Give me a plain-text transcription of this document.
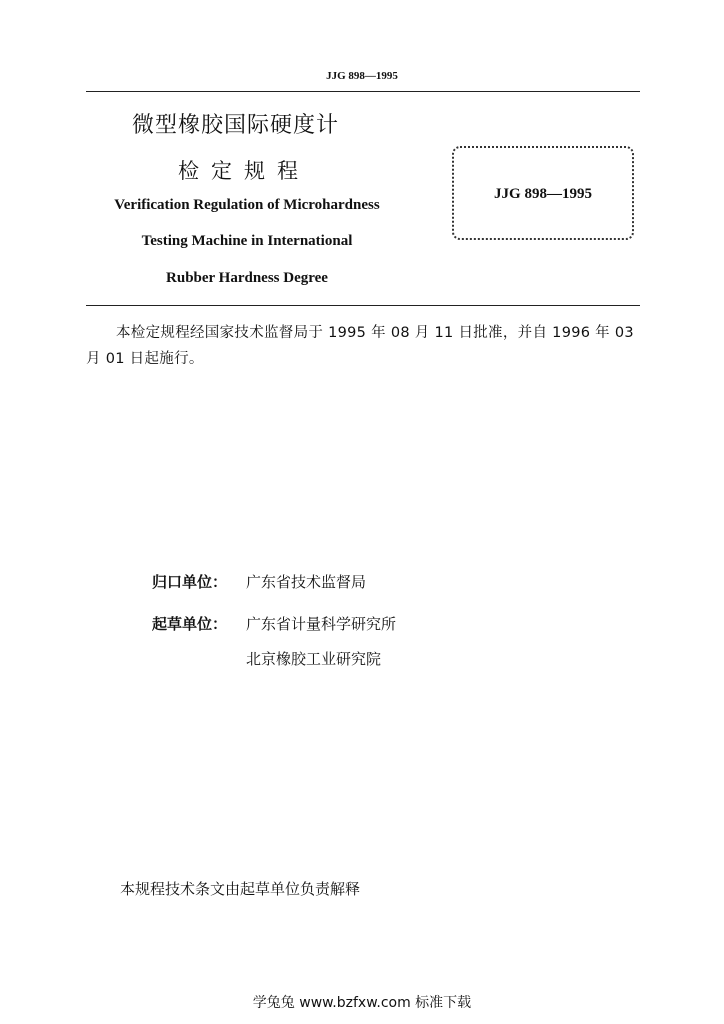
JJG 898—1995
微型橡胶国际硬度计
检定规程
Verification Regulation of Microhardness
Testing Machine in International
Rubber Hardness Degree
JJG 898—1995
本检定规程经国家技术监督局于 1995 年 08 月 11 日批准，并自 1996 年 03 月 01 日起施行。
归口单位： 广东省技术监督局
起草单位： 广东省计量科学研究所
北京橡胶工业研究院
本规程技术条文由起草单位负责解释
学兔兔 www.bzfxw.com 标准下载
